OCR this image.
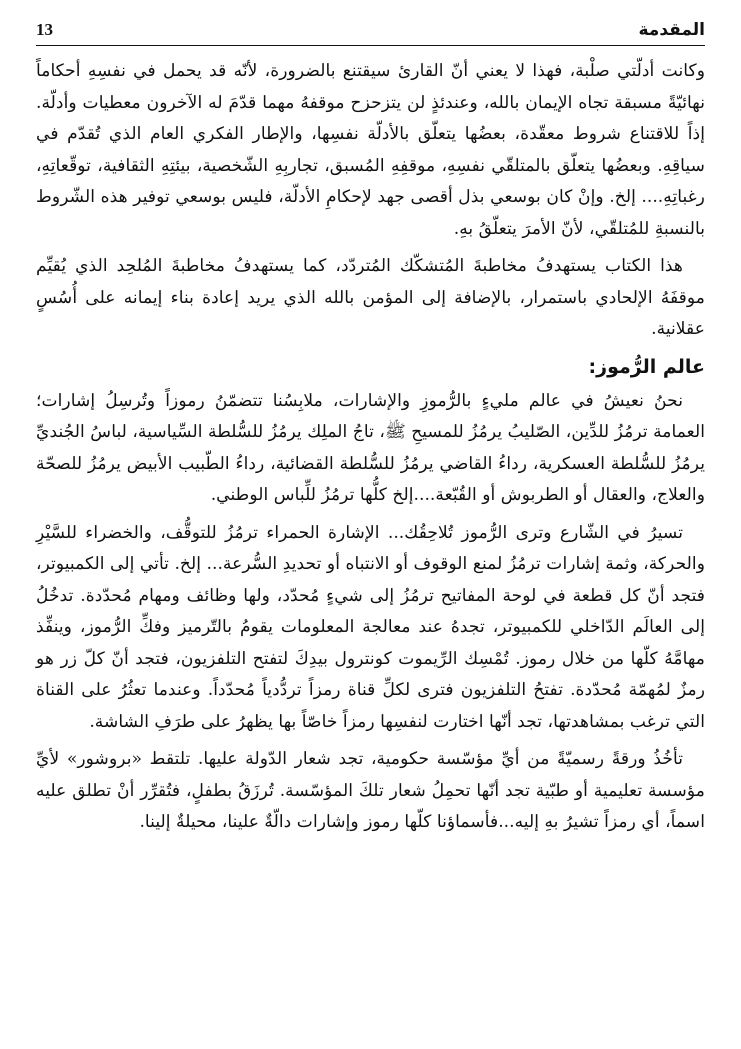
المقدمة
13

وكانت أدلّتي صلْبة، فهذا لا يعني أنّ القارئ سيقتنع بالضرورة، لأنّه قد يحمل في نفسِهِ أحكاماً نهائيّةً مسبقة تجاه الإيمان بالله، وعندئذٍ لن يتزحزح موقفهُ مهما قدّمَ له الآخرون معطيات وأدلّة. إذاً للاقتناع شروط معقّدة، بعضُها يتعلّق بالأدلّة نفسِها، والإطار الفكري العام الذي تُقدّم في سياقِهِ. وبعضُها يتعلّق بالمتلقّي نفسِهِ، موقفِهِ المُسبق، تجاربِهِ الشّخصية، بيئتِهِ الثقافية، توقّعاتِهِ، رغباتِهِ.... إلخ. وإنْ كان بوسعي بذل أقصى جهد لإحكامِ الأدلّة، فليس بوسعي توفير هذه الشّروط بالنسبةِ للمُتلقّي، لأنّ الأمرَ يتعلّقُ بهِ.

هذا الكتاب يستهدفُ مخاطبةَ المُتشكّك المُتردّد، كما يستهدفُ مخاطبةَ المُلحِد الذي يُقيِّم موقفَهُ الإلحادي باستمرار، بالإضافة إلى المؤمن بالله الذي يريد إعادة بناء إيمانه على أُسُسٍ عقلانية.

عالم الرُّموز:

نحنُ نعيشُ في عالم مليءٍ بالرُّموزِ والإشارات، ملابِسُنا تتضمّنُ رموزاً وتُرسِلُ إشارات؛ العمامة ترمُزُ للدِّين، الصّليبُ يرمُزُ للمسيحِ ﷺ، تاجُ الملِك يرمُزُ للسُّلطة السِّياسية، لباسُ الجُنديِّ يرمُزُ للسُّلطة العسكرية، رداءُ القاضي يرمُزُ للسُّلطة القضائية، رداءُ الطّبيب الأبيض يرمُزُ للصحّة والعلاج، والعقال أو الطربوش أو القُبّعة....إلخ كلُّها ترمُزُ للِّباس الوطني.

تسيرُ في الشّارع وترى الرُّموز تُلاحِقُك... الإشارة الحمراء ترمُزُ للتوقُّف، والخضراء للسَّيْرِ والحركة، وثمة إشارات ترمُزُ لمنع الوقوف أو الانتباه أو تحديدِ السُّرعة... إلخ. تأتي إلى الكمبيوتر، فتجد أنّ كل قطعة في لوحة المفاتيح ترمُزُ إلى شيءٍ مُحدّد، ولها وظائف ومهام مُحدّدة. تدخُلُ إلى العالَم الدّاخلي للكمبيوتر، تجدهُ عند معالجة المعلومات يقومُ بالتّرميز وفكِّ الرُّموز، وينفِّذ مهامَّهُ كلّها من خلال رموز. تُمْسِك الرِّيموت كونترول بيدِكَ لتفتح التلفزيون، فتجد أنّ كلّ زر هو رمزٌ لمُهمّة مُحدّدة. تفتحُ التلفزيون فترى لكلِّ قناة رمزاً تردُّدياً مُحدّداً. وعندما تعثُرُ على القناة التي ترغب بمشاهدتها، تجد أنّها اختارت لنفسِها رمزاً خاصّاً بها يظهرُ على طرَفِ الشاشة.

تأخُذُ ورقةً رسميّةً من أيِّ مؤسّسة حكومية، تجد شعار الدّولة عليها. تلتقط «بروشور» لأيِّ مؤسسة تعليمية أو طبّية تجد أنّها تحمِلُ شعار تلكَ المؤسّسة. تُرزَقُ بطفلٍ، فتُقرِّر أنْ تطلق عليه اسماً، أي رمزاً تشيرُ بهِ إليه...فأسماؤنا كلّها رموز وإشارات دالّةٌ علينا، محيلةٌ إلينا.
